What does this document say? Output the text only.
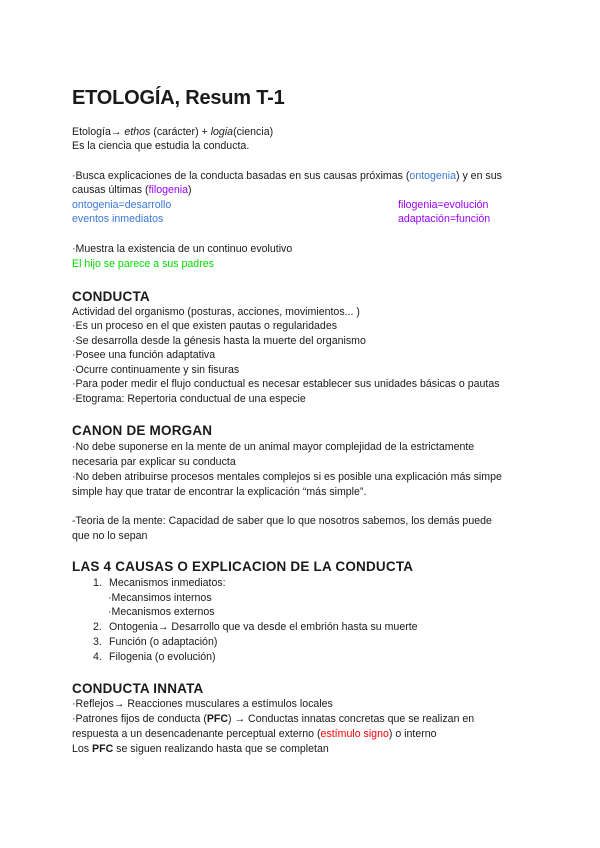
ETOLOGÍA, Resum T-1
Etología→ ethos (carácter) + logia(ciencia)
Es la ciencia que estudia la conducta.
·Busca explicaciones de la conducta basadas en sus causas próximas (ontogenia) y en sus
causas últimas (filogenia)
ontogenia=desarrollo	filogenia=evolución
eventos inmediatos	adaptación=función
·Muestra la existencia de un continuo evolutivo
El hijo se parece a sus padres
CONDUCTA
Actividad del organismo (posturas, acciones, movimientos... )
·Es un proceso en el que existen pautas o regularidades
·Se desarrolla desde la génesis hasta la muerte del organismo
·Posee una función adaptativa
·Ocurre continuamente y sin fisuras
·Para poder medir el flujo conductual es necesar establecer sus unidades básicas o pautas
·Etograma: Repertoria conductual de una especie
CANON DE MORGAN
·No debe suponerse en la mente de un animal mayor complejidad de la estrictamente
necesaria par explicar su conducta
·No deben atribuirse procesos mentales complejos si es posible una explicación más simpe
simple hay que tratar de encontrar la explicación “más simple”.
-Teoria de la mente: Capacidad de saber que lo que nosotros sabemos, los demás puede
que no lo sepan
LAS 4 CAUSAS O EXPLICACION DE LA CONDUCTA
1. Mecanismos inmediatos:
·Mecansimos internos
·Mecanismos externos
2. Ontogenia→ Desarrollo que va desde el embrión hasta su muerte
3. Función (o adaptación)
4. Filogenia (o evolución)
CONDUCTA INNATA
·Reflejos→ Reacciones musculares a estímulos locales
·Patrones fijos de conducta (PFC) → Conductas innatas concretas que se realizan en
respuesta a un desencadenante perceptual externo (estímulo signo) o interno
Los PFC se siguen realizando hasta que se completan
